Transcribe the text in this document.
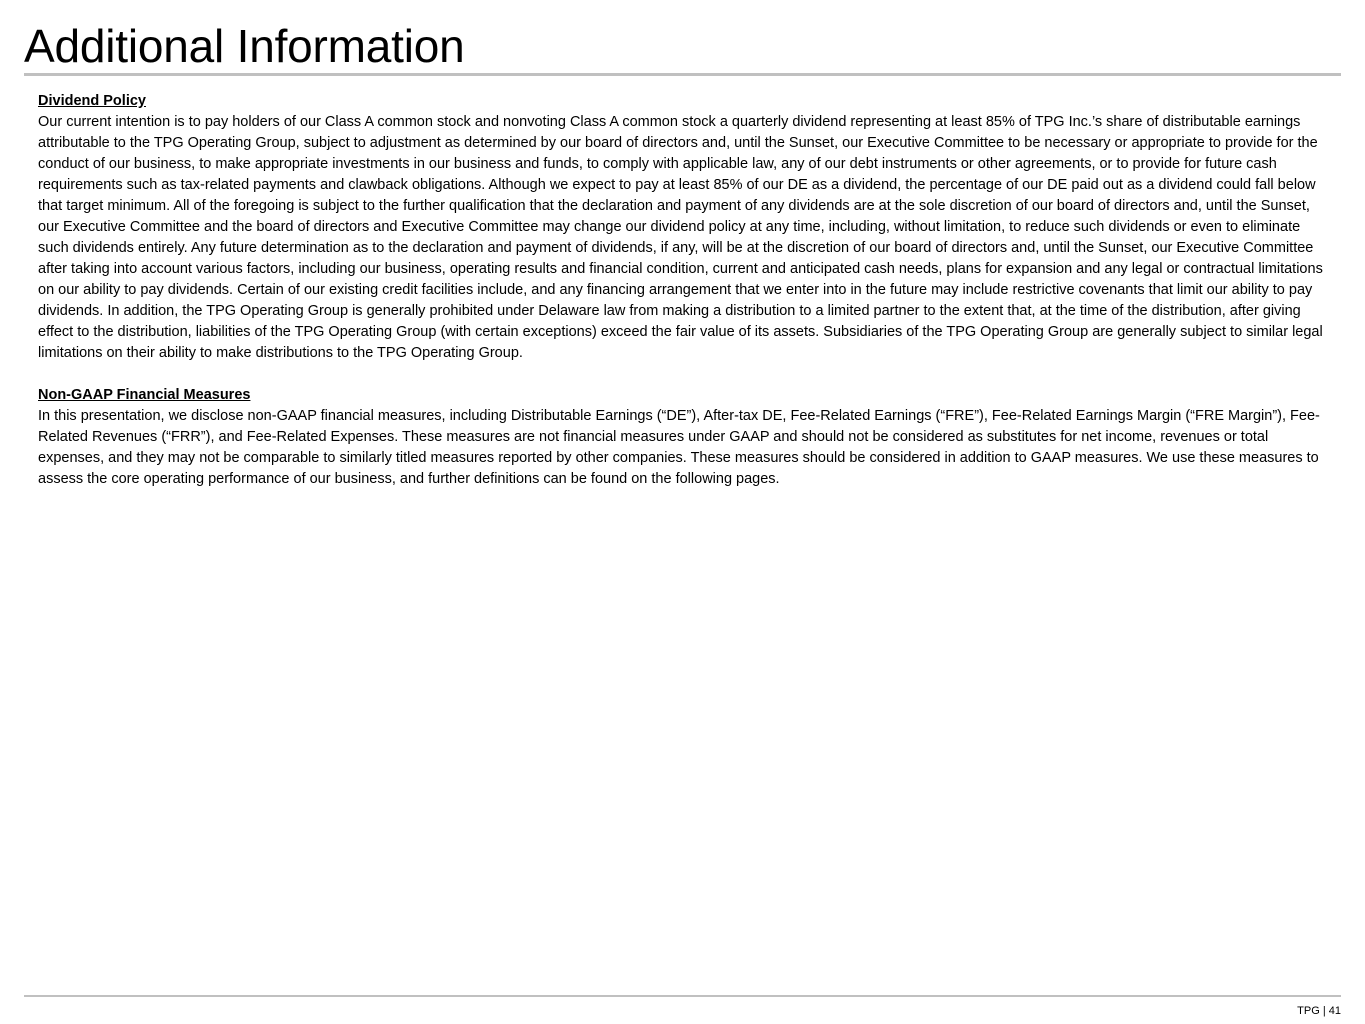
Additional Information

Dividend Policy

Our current intention is to pay holders of our Class A common stock and nonvoting Class A common stock a quarterly dividend representing at least 85% of TPG Inc.’s share of distributable earnings attributable to the TPG Operating Group, subject to adjustment as determined by our board of directors and, until the Sunset, our Executive Committee to be necessary or appropriate to provide for the conduct of our business, to make appropriate investments in our business and funds, to comply with applicable law, any of our debt instruments or other agreements, or to provide for future cash requirements such as tax-related payments and clawback obligations. Although we expect to pay at least 85% of our DE as a dividend, the percentage of our DE paid out as a dividend could fall below that target minimum. All of the foregoing is subject to the further qualification that the declaration and payment of any dividends are at the sole discretion of our board of directors and, until the Sunset, our Executive Committee and the board of directors and Executive Committee may change our dividend policy at any time, including, without limitation, to reduce such dividends or even to eliminate such dividends entirely. Any future determination as to the declaration and payment of dividends, if any, will be at the discretion of our board of directors and, until the Sunset, our Executive Committee after taking into account various factors, including our business, operating results and financial condition, current and anticipated cash needs, plans for expansion and any legal or contractual limitations on our ability to pay dividends. Certain of our existing credit facilities include, and any financing arrangement that we enter into in the future may include restrictive covenants that limit our ability to pay dividends. In addition, the TPG Operating Group is generally prohibited under Delaware law from making a distribution to a limited partner to the extent that, at the time of the distribution, after giving effect to the distribution, liabilities of the TPG Operating Group (with certain exceptions) exceed the fair value of its assets. Subsidiaries of the TPG Operating Group are generally subject to similar legal limitations on their ability to make distributions to the TPG Operating Group.

Non-GAAP Financial Measures

In this presentation, we disclose non-GAAP financial measures, including Distributable Earnings (“DE”), After-tax DE, Fee-Related Earnings (“FRE”), Fee-Related Earnings Margin (“FRE Margin”), Fee-Related Revenues (“FRR”), and Fee-Related Expenses. These measures are not financial measures under GAAP and should not be considered as substitutes for net income, revenues or total expenses, and they may not be comparable to similarly titled measures reported by other companies. These measures should be considered in addition to GAAP measures. We use these measures to assess the core operating performance of our business, and further definitions can be found on the following pages.

TPG | 41
